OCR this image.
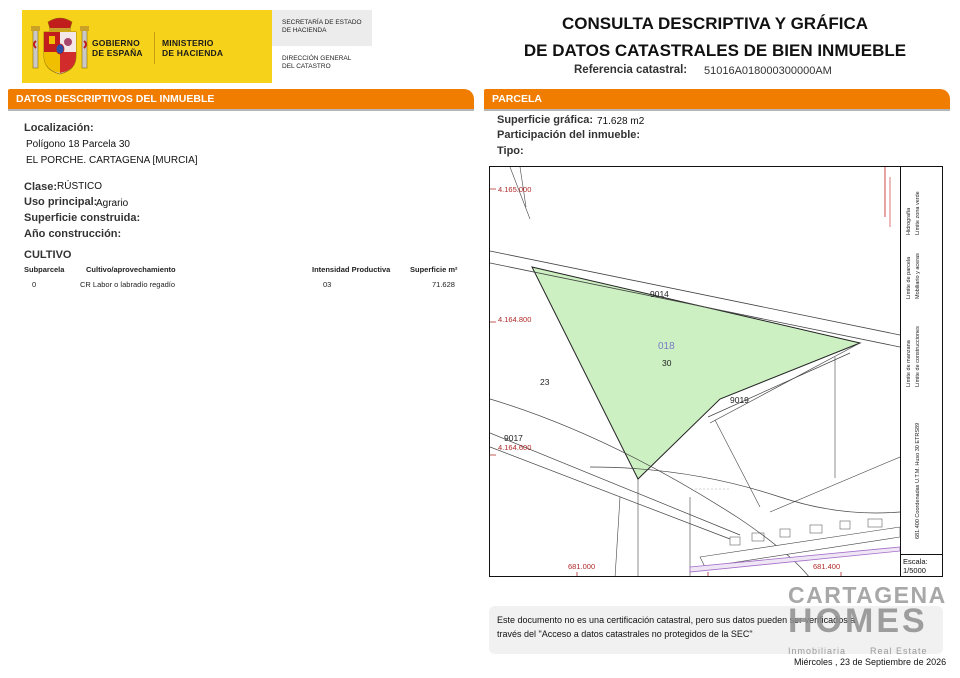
GOBIERNO
DE ESPAÑA
MINISTERIO
DE HACIENDA
SECRETARÍA DE ESTADO
DE HACIENDA
DIRECCIÓN GENERAL
DEL CATASTRO
CONSULTA DESCRIPTIVA Y GRÁFICA
DE DATOS CATASTRALES DE BIEN INMUEBLE
Referencia catastral: 51016A018000300000AM
DATOS DESCRIPTIVOS DEL INMUEBLE	PARCELA
Localización:
Polígono 18 Parcela 30
EL PORCHE. CARTAGENA [MURCIA]
Clase: RÚSTICO
Uso principal:
Agrario
Superficie construida:
Año construcción:
CULTIVO
Subparcela	Cultivo/aprovechamiento	Intensidad Productiva	Superficie m²
0	CR Labor o labradío regadío	03	71.628
Superficie gráfica: 71.628 m2
Participación del inmueble:
Tipo:
4.165.000
4.164.800
4.164.600
681.000	681.400
9014
018
30
23
9019
9017
Hidrografía Límite zona verde
Límite de parcela Mobiliario y aceras
Límite de manzana Límite de construcciones
681.400 Coordenadas U.T.M. Huso 30 ETRS89
Escala:
1/5000
Este documento no es una certificación catastral, pero sus datos pueden ser verificados a
través del "Acceso a datos catastrales no protegidos de la SEC"
CARTAGENA
HOMES
Inmobiliaria	Real Estate
Miércoles , 23 de Septiembre de 2026
